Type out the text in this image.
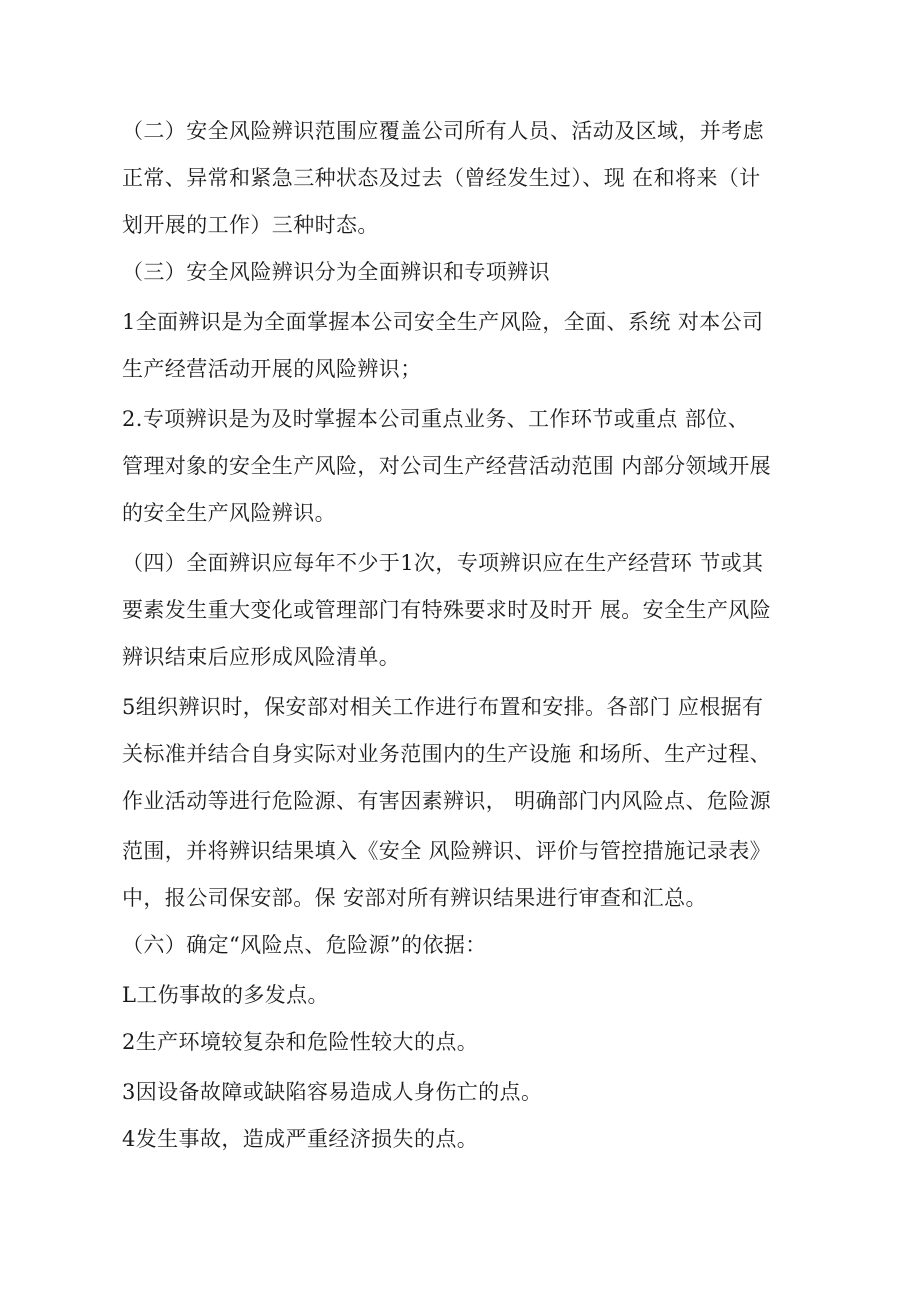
（二）安全风险辨识范围应覆盖公司所有人员、活动及区域，并考虑
正常、异常和紧急三种状态及过去（曾经发生过）、现 在和将来（计
划开展的工作）三种时态。
（三）安全风险辨识分为全面辨识和专项辨识
1全面辨识是为全面掌握本公司安全生产风险，全面、系统 对本公司
生产经营活动开展的风险辨识；
2.专项辨识是为及时掌握本公司重点业务、工作环节或重点 部位、
管理对象的安全生产风险，对公司生产经营活动范围 内部分领域开展
的安全生产风险辨识。
（四）全面辨识应每年不少于1次，专项辨识应在生产经营环 节或其
要素发生重大变化或管理部门有特殊要求时及时开 展。安全生产风险
辨识结束后应形成风险清单。
5组织辨识时，保安部对相关工作进行布置和安排。各部门 应根据有
关标准并结合自身实际对业务范围内的生产设施 和场所、生产过程、
作业活动等进行危险源、有害因素辨识， 明确部门内风险点、危险源
范围，并将辨识结果填入《安全 风险辨识、评价与管控措施记录表》
中，报公司保安部。保 安部对所有辨识结果进行审查和汇总。
（六）确定“风险点、危险源”的依据：
L工伤事故的多发点。
2生产环境较复杂和危险性较大的点。
3因设备故障或缺陷容易造成人身伤亡的点。
4发生事故，造成严重经济损失的点。
